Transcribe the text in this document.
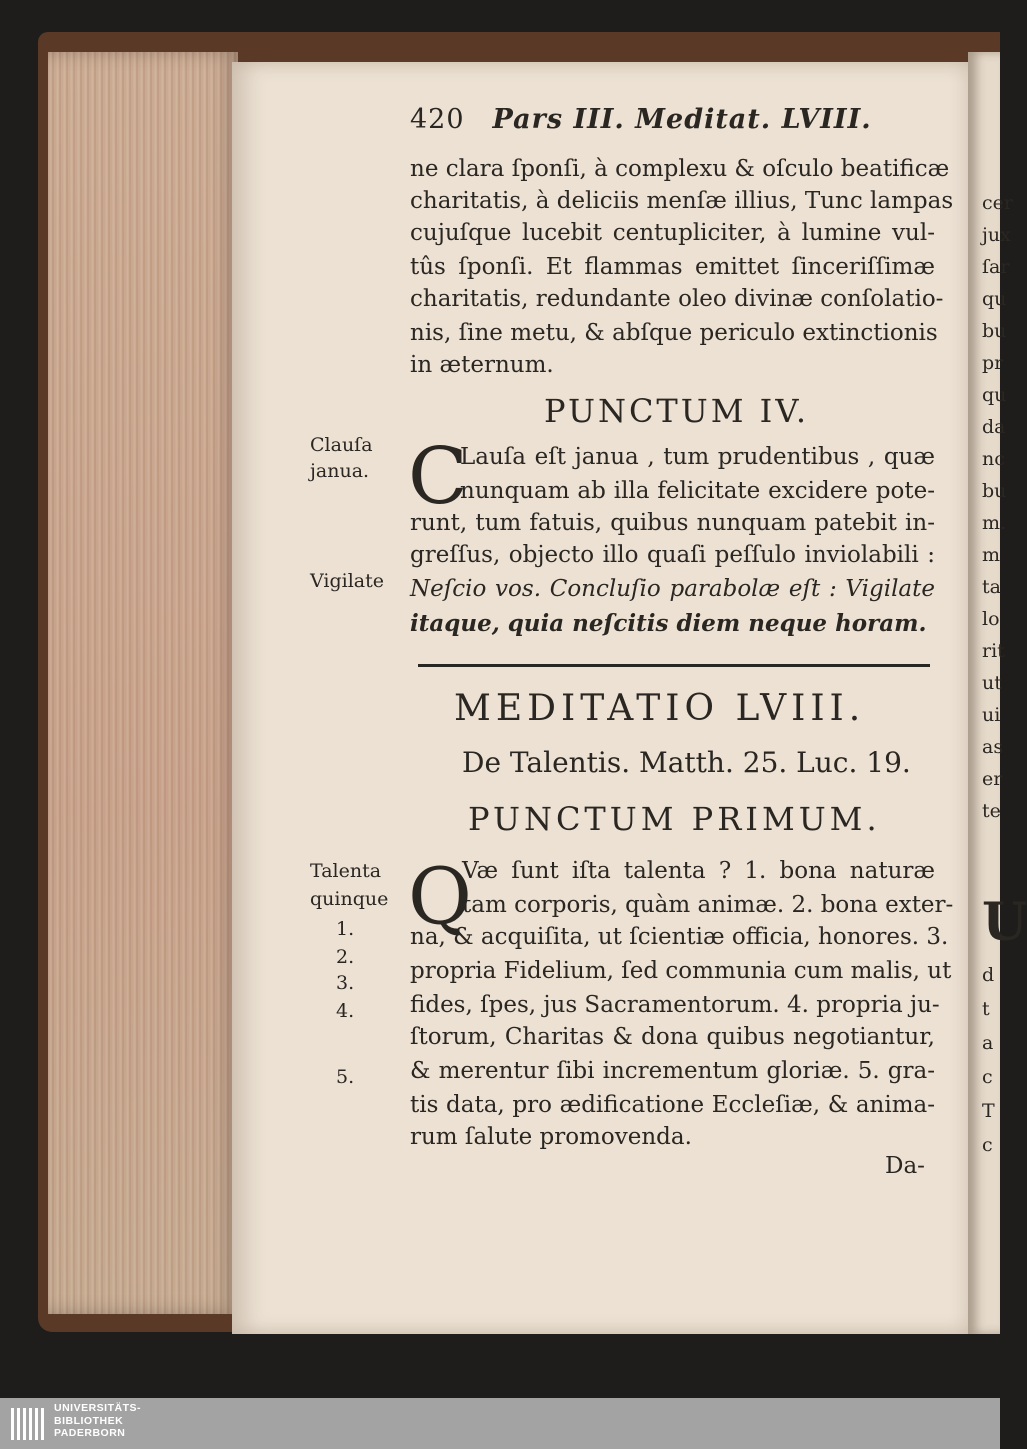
cer
jux
ſar
qu
bu
pr
qu
da
nc
bu
m.
m
ta
lo
rit
ut
ui
as
er
te
U
d
t
a
c
T
c
420 Pars III. Meditat. LVIII.
ne clara ſponſi, à complexu & oſculo beatificæ
charitatis, à deliciis menſæ illius, Tunc lampas
cujuſque lucebit centupliciter, à lumine vul-
tûs ſponſi. Et flammas emittet ſinceriſſimæ
charitatis, redundante oleo divinæ conſolatio-
nis, ſine metu, & abſque periculo extinctionis
in æternum.
PUNCTUM IV.
Clauſa
janua.
Vigilate
C
Lauſa eſt janua , tum prudentibus , quæ
nunquam ab illa felicitate excidere pote-
runt, tum fatuis, quibus nunquam patebit in-
greſſus, objecto illo quaſi peſſulo inviolabili :
Neſcio vos. Concluſio parabolæ eſt : Vigilate
itaque, quia neſcitis diem neque horam.
MEDITATIO LVIII.
De Talentis. Matth. 25. Luc. 19.
PUNCTUM PRIMUM.
Talenta
quinque
1.
2.
3.
4.
5.
Q
Væ ſunt iſta talenta ? 1. bona naturæ
tam corporis, quàm animæ. 2. bona exter-
na, & acquiſita, ut ſcientiæ officia, honores. 3.
propria Fidelium, ſed communia cum malis, ut
fides, ſpes, jus Sacramentorum. 4. propria ju-
ſtorum, Charitas & dona quibus negotiantur,
& merentur ſibi incrementum gloriæ. 5. gra-
tis data, pro ædificatione Eccleſiæ, & anima-
rum ſalute promovenda.
Da-
UNIVERSITÄTS-
BIBLIOTHEK
PADERBORN
